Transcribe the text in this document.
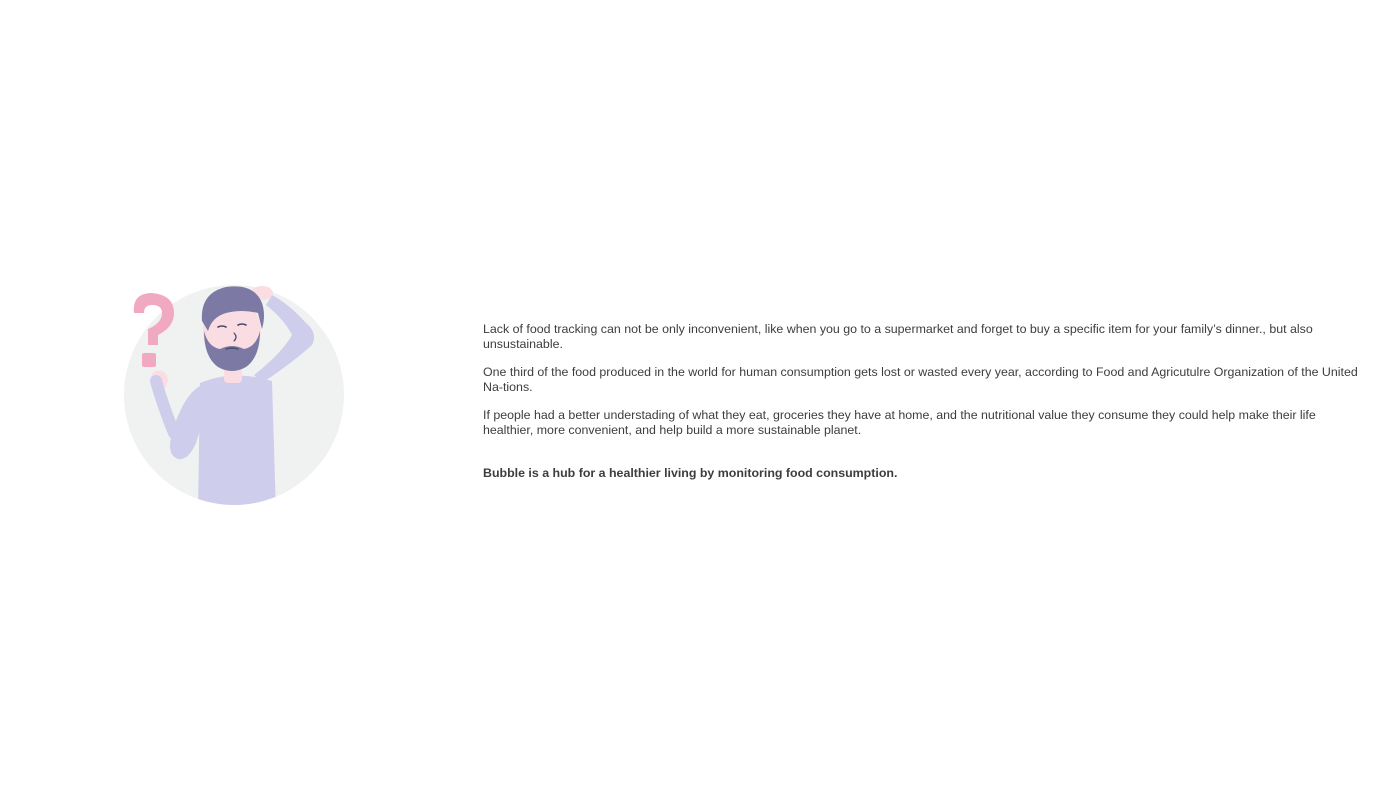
Lack of food tracking can not be only inconvenient, like when you go to a supermarket and forget to buy a specific item for your family’s dinner., but also unsustainable.

One third of the food produced in the world for human consumption gets lost or wasted every year, according to Food and Agricutulre Organization of the United Na-tions.

If people had a better understading of what they eat, groceries they have at home, and the nutritional value they consume they could help make their life healthier, more convenient, and help build a more sustainable planet.

Bubble is a hub for a healthier living by monitoring food consumption.
